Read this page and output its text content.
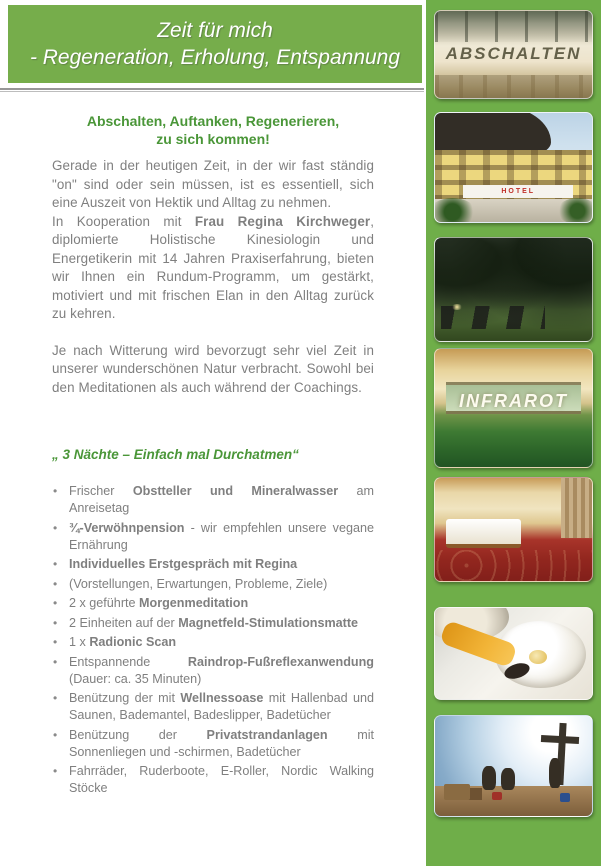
Zeit für mich
- Regeneration, Erholung, Entspannung
Abschalten, Auftanken, Regenerieren,
zu sich kommen!

Gerade in der heutigen Zeit, in der wir fast ständig "on" sind oder sein müssen, ist es essentiell, sich eine Auszeit von Hektik und Alltag zu nehmen.

In Kooperation mit Frau Regina Kirchweger, diplomierte Holistische Kinesiologin und Energetikerin mit 14 Jahren Praxiserfahrung, bieten wir Ihnen ein Rundum-Programm, um gestärkt, motiviert und mit frischen Elan in den Alltag zurück zu kehren.

Je nach Witterung wird bevorzugt sehr viel Zeit in unserer wunderschönen Natur verbracht. Sowohl bei den Meditationen als auch während der Coachings.

„ 3 Nächte – Einfach mal Durchatmen“
• Frischer Obstteller und Mineralwasser am Anreisetag
• ¾-Verwöhnpension - wir empfehlen unsere vegane Ernährung
• Individuelles Erstgespräch mit Regina
• (Vorstellungen, Erwartungen, Probleme, Ziele)
• 2 x geführte Morgenmeditation
• 2 Einheiten auf der Magnetfeld-Stimulationsmatte
• 1 x Radionic Scan
• Entspannende Raindrop-Fußreflexanwendung (Dauer: ca. 35 Minuten)
• Benützung der mit Wellnessoase mit Hallenbad und Saunen, Bademantel, Badeslipper, Badetücher
• Benützung der Privatstrandanlagen mit Sonnenliegen und -schirmen, Badetücher
• Fahrräder, Ruderboote, E-Roller, Nordic Walking Stöcke
ABSCHALTEN
HOTEL
INFRAROT
